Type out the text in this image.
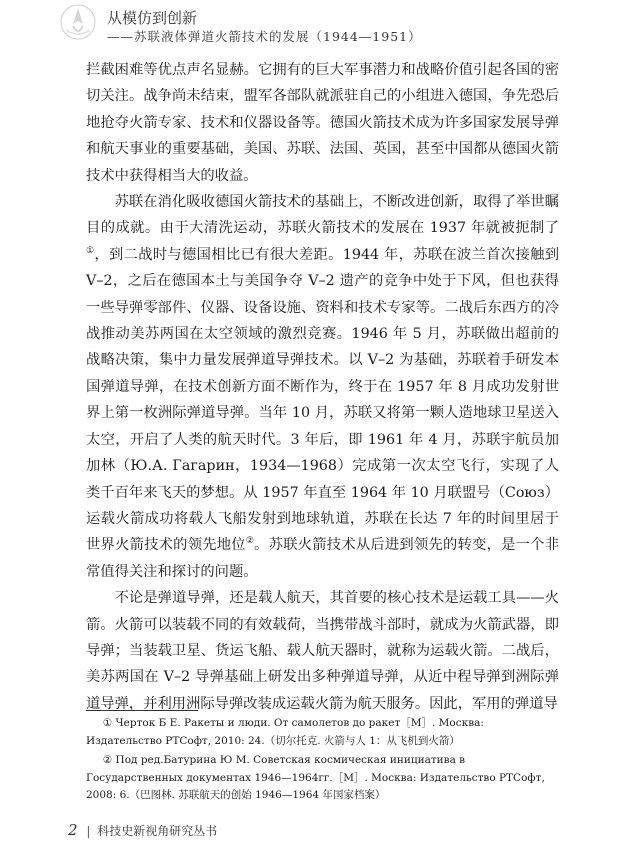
从模仿到创新
——苏联液体弹道火箭技术的发展（1944—1951）

拦截困难等优点声名显赫。它拥有的巨大军事潜力和战略价值引起各国的密切关注。战争尚未结束，盟军各部队就派驻自己的小组进入德国，争先恐后地抢夺火箭专家、技术和仪器设备等。德国火箭技术成为许多国家发展导弹和航天事业的重要基础，美国、苏联、法国、英国，甚至中国都从德国火箭技术中获得相当大的收益。

苏联在消化吸收德国火箭技术的基础上，不断改进创新，取得了举世瞩目的成就。由于大清洗运动，苏联火箭技术的发展在 1937 年就被扼制了①，到二战时与德国相比已有很大差距。1944 年，苏联在波兰首次接触到 V–2，之后在德国本土与美国争夺 V–2 遗产的竞争中处于下风，但也获得一些导弹零部件、仪器、设备设施、资料和技术专家等。二战后东西方的冷战推动美苏两国在太空领域的激烈竞赛。1946 年 5 月，苏联做出超前的战略决策，集中力量发展弹道导弹技术。以 V–2 为基础，苏联着手研发本国弹道导弹，在技术创新方面不断作为，终于在 1957 年 8 月成功发射世界上第一枚洲际弹道导弹。当年 10 月，苏联又将第一颗人造地球卫星送入太空，开启了人类的航天时代。3 年后，即 1961 年 4 月，苏联宇航员加加林（Ю.А. Гагарин，1934—1968）完成第一次太空飞行，实现了人类千百年来飞天的梦想。从 1957 年直至 1964 年 10 月联盟号（Союз）运载火箭成功将载人飞船发射到地球轨道，苏联在长达 7 年的时间里居于世界火箭技术的领先地位②。苏联火箭技术从后进到领先的转变，是一个非常值得关注和探讨的问题。

不论是弹道导弹，还是载人航天，其首要的核心技术是运载工具——火箭。火箭可以装载不同的有效载荷，当携带战斗部时，就成为火箭武器，即导弹；当装载卫星、货运飞船、载人航天器时，就称为运载火箭。二战后，美苏两国在 V–2 导弹基础上研发出多种弹道导弹，从近中程导弹到洲际弹道导弹，并利用洲际导弹改装成运载火箭为航天服务。因此，军用的弹道导

① Черток Б Е. Ракеты и люди. От самолетов до ракет［М］. Москва: Издательство РТСофт, 2010: 24.（切尔托克. 火箭与人 1：从飞机到火箭）

② Под ред.Батурина Ю М. Советская космическая инициатива в Государственных документах 1946—1964гг.［М］. Москва: Издательство РТСофт, 2008: 6.（巴图林. 苏联航天的创始 1946—1964 年国家档案）

2 | 科技史新视角研究丛书
